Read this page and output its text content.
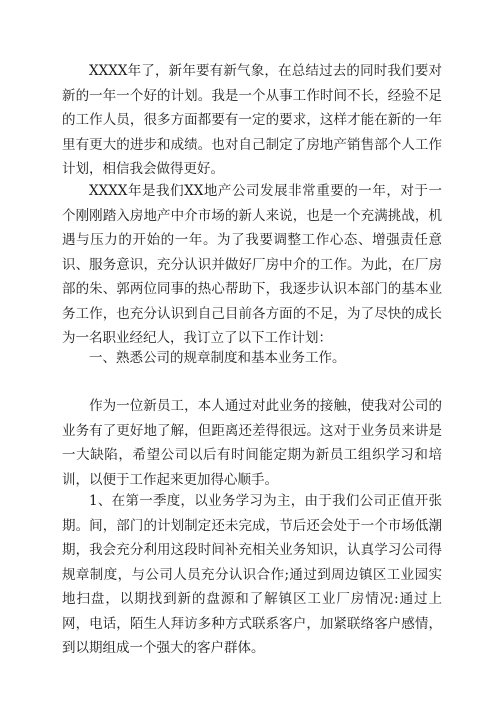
XXXX年了，新年要有新气象，在总结过去的同时我们要对新的一年一个好的计划。我是一个从事工作时间不长，经验不足的工作人员，很多方面都要有一定的要求，这样才能在新的一年里有更大的进步和成绩。也对自己制定了房地产销售部个人工作计划，相信我会做得更好。

XXXX年是我们XX地产公司发展非常重要的一年，对于一个刚刚踏入房地产中介市场的新人来说，也是一个充满挑战，机遇与压力的开始的一年。为了我要调整工作心态、增强责任意识、服务意识，充分认识并做好厂房中介的工作。为此，在厂房部的朱、郭两位同事的热心帮助下，我逐步认识本部门的基本业务工作，也充分认识到自己目前各方面的不足，为了尽快的成长为一名职业经纪人，我订立了以下工作计划：

一、熟悉公司的规章制度和基本业务工作。

作为一位新员工，本人通过对此业务的接触，使我对公司的业务有了更好地了解，但距离还差得很远。这对于业务员来讲是一大缺陷，希望公司以后有时间能定期为新员工组织学习和培训，以便于工作起来更加得心顺手。

1、在第一季度，以业务学习为主，由于我们公司正值开张期。间，部门的计划制定还未完成，节后还会处于一个市场低潮期，我会充分利用这段时间补充相关业务知识，认真学习公司得规章制度，与公司人员充分认识合作;通过到周边镇区工业园实地扫盘，以期找到新的盘源和了解镇区工业厂房情况:通过上网，电话，陌生人拜访多种方式联系客户，加紧联络客户感情，到以期组成一个强大的客户群体。
